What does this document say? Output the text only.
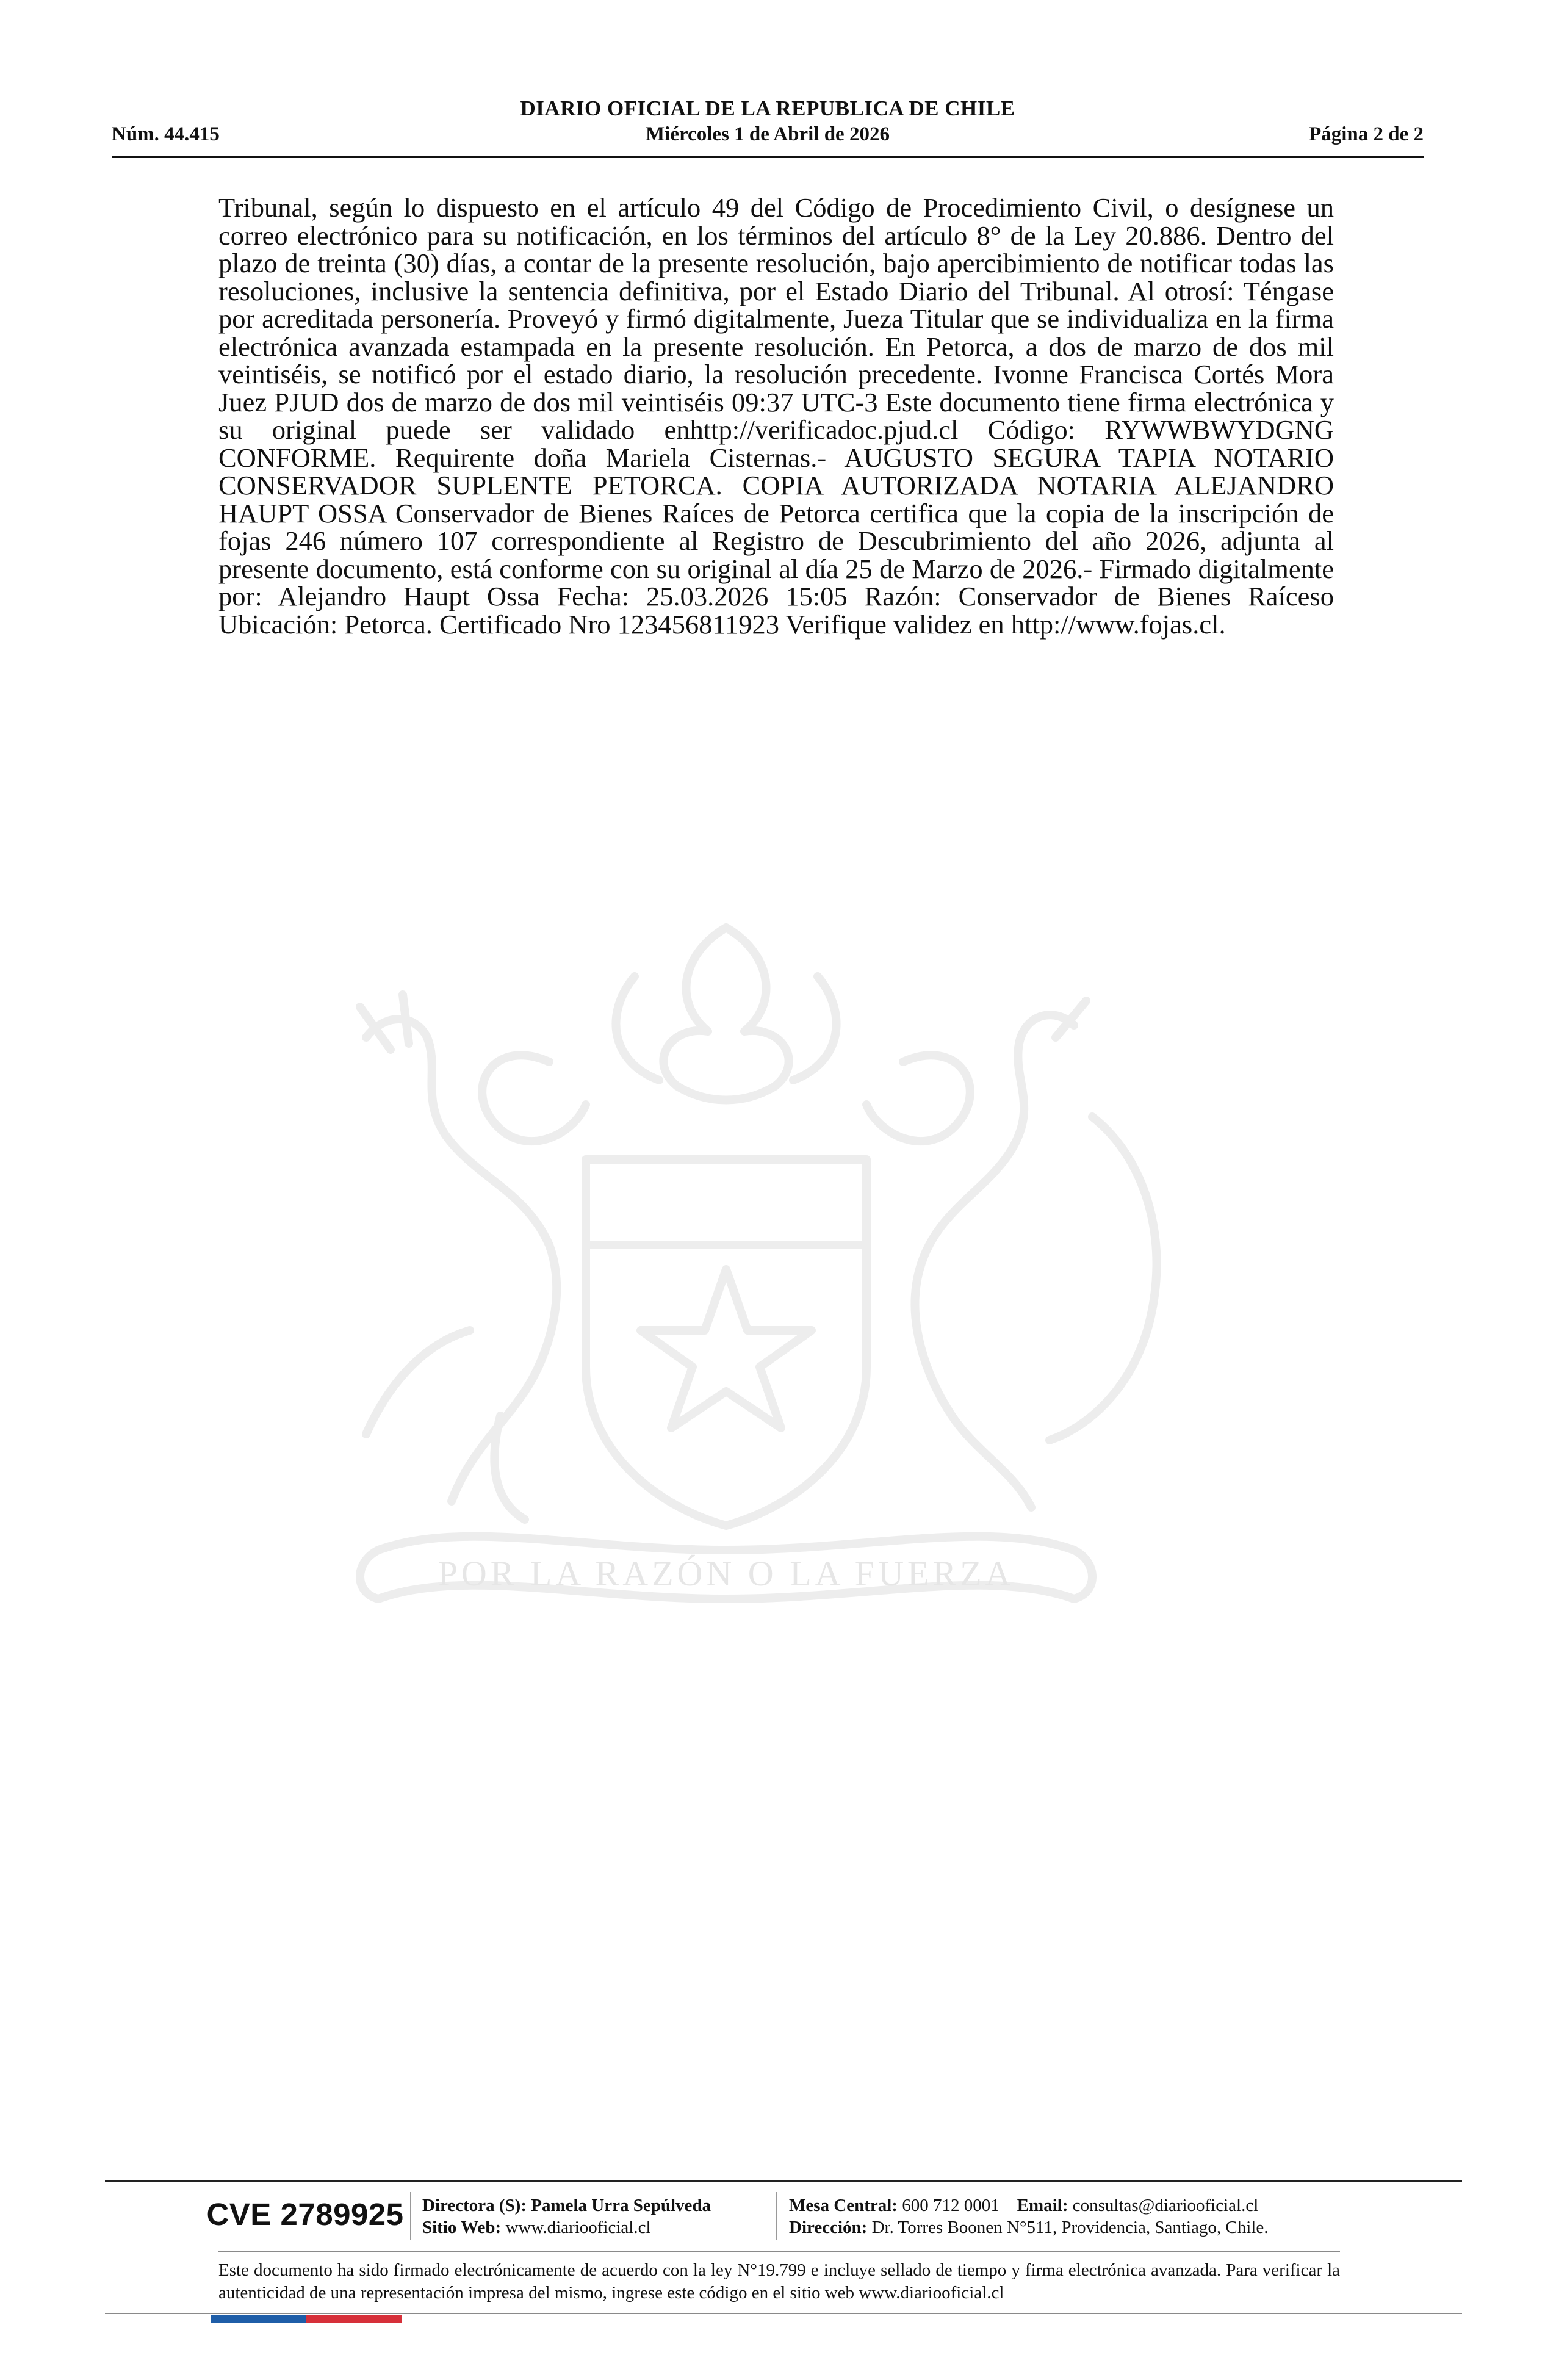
DIARIO OFICIAL DE LA REPUBLICA DE CHILE
Núm. 44.415	Miércoles 1 de Abril de 2026	Página 2 de 2
POR LA RAZÓN O LA FUERZA

Tribunal, según lo dispuesto en el artículo 49 del Código de Procedimiento Civil, o desígnese un correo electrónico para su notificación, en los términos del artículo 8° de la Ley 20.886. Dentro del plazo de treinta (30) días, a contar de la presente resolución, bajo apercibimiento de notificar todas las resoluciones, inclusive la sentencia definitiva, por el Estado Diario del Tribunal. Al otrosí: Téngase por acreditada personería. Proveyó y firmó digitalmente, Jueza Titular que se individualiza en la firma electrónica avanzada estampada en la presente resolución. En Petorca, a dos de marzo de dos mil veintiséis, se notificó por el estado diario, la resolución precedente. Ivonne Francisca Cortés Mora Juez PJUD dos de marzo de dos mil veintiséis 09:37 UTC-3 Este documento tiene firma electrónica y su original puede ser validado enhttp://verificadoc.pjud.cl Código: RYWWBWYDGNG CONFORME. Requirente doña Mariela Cisternas.- AUGUSTO SEGURA TAPIA NOTARIO CONSERVADOR SUPLENTE PETORCA. COPIA AUTORIZADA NOTARIA ALEJANDRO HAUPT OSSA Conservador de Bienes Raíces de Petorca certifica que la copia de la inscripción de fojas 246 número 107 correspondiente al Registro de Descubrimiento del año 2026, adjunta al presente documento, está conforme con su original al día 25 de Marzo de 2026.- Firmado digitalmente por: Alejandro Haupt Ossa Fecha: 25.03.2026 15:05 Razón: Conservador de Bienes Raíceso Ubicación: Petorca. Certificado Nro 123456811923 Verifique validez en http://www.fojas.cl.

CVE 2789925 Directora (S): Pamela Urra Sepúlveda
Sitio Web: www.diariooficial.cl
Mesa Central: 600 712 0001 Email: consultas@diariooficial.cl
Dirección: Dr. Torres Boonen N°511, Providencia, Santiago, Chile.

Este documento ha sido firmado electrónicamente de acuerdo con la ley N°19.799 e incluye sellado de tiempo y firma electrónica avanzada. Para verificar la autenticidad de una representación impresa del mismo, ingrese este código en el sitio web www.diariooficial.cl
